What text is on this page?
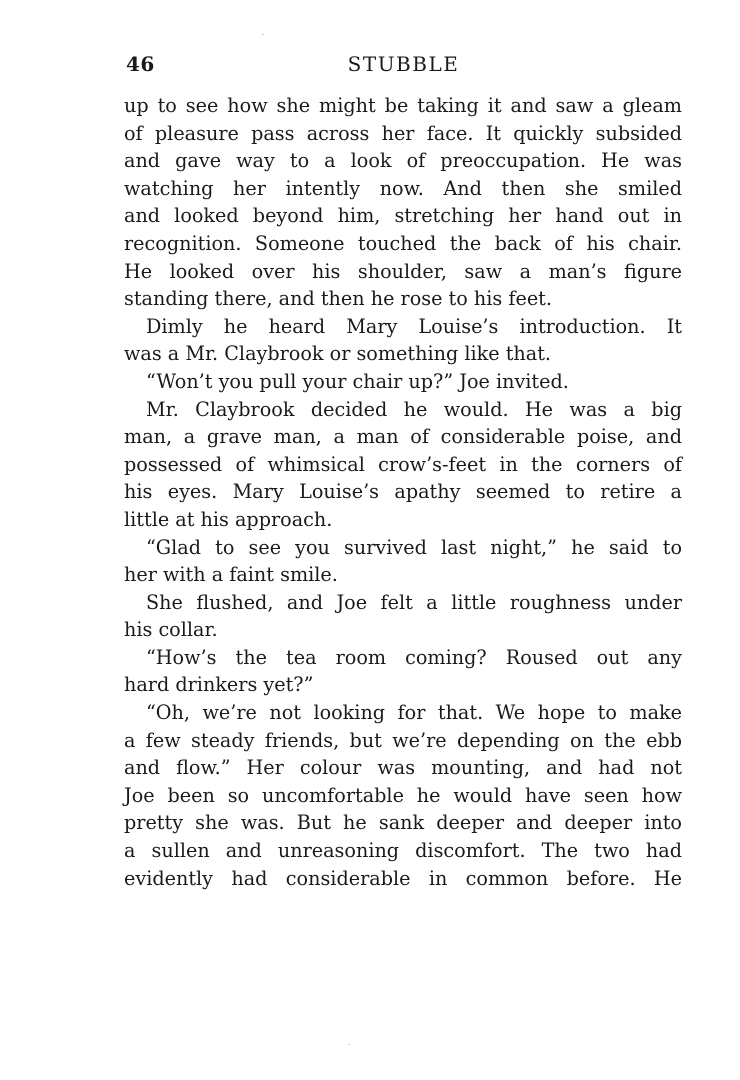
46	STUBBLE
up to see how she might be taking it and saw a gleam
of pleasure pass across her face. It quickly subsided
and gave way to a look of preoccupation. He was
watching her intently now. And then she smiled
and looked beyond him, stretching her hand out in
recognition. Someone touched the back of his chair.
He looked over his shoulder, saw a man’s figure
standing there, and then he rose to his feet.
Dimly he heard Mary Louise’s introduction. It
was a Mr. Claybrook or something like that.
“Won’t you pull your chair up?” Joe invited.
Mr. Claybrook decided he would. He was a big
man, a grave man, a man of considerable poise, and
possessed of whimsical crow’s-feet in the corners of
his eyes. Mary Louise’s apathy seemed to retire a
little at his approach.
“Glad to see you survived last night,” he said to
her with a faint smile.
She flushed, and Joe felt a little roughness under
his collar.
“How’s the tea room coming? Roused out any
hard drinkers yet?”
“Oh, we’re not looking for that. We hope to make
a few steady friends, but we’re depending on the ebb
and flow.” Her colour was mounting, and had not
Joe been so uncomfortable he would have seen how
pretty she was. But he sank deeper and deeper into
a sullen and unreasoning discomfort. The two had
evidently had considerable in common before. He
